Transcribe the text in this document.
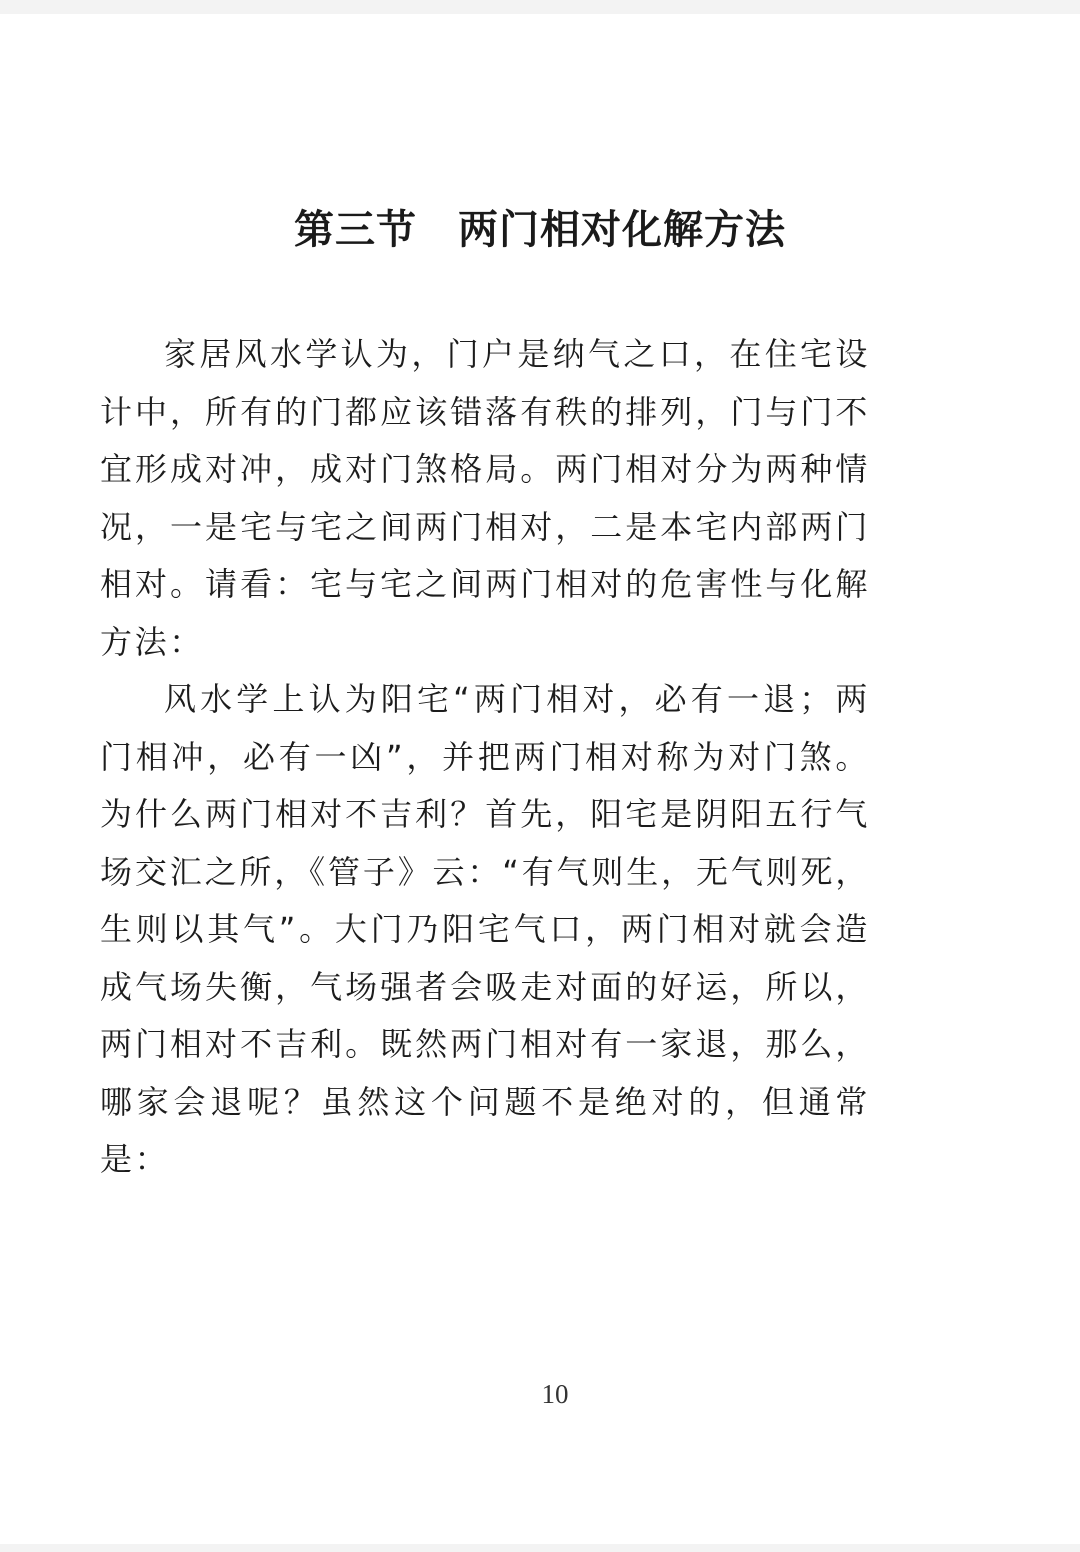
第三节　两门相对化解方法

家居风水学认为，门户是纳气之口，在住宅设计中，所有的门都应该错落有秩的排列，门与门不宜形成对冲，成对门煞格局。两门相对分为两种情况，一是宅与宅之间两门相对，二是本宅内部两门相对。请看：宅与宅之间两门相对的危害性与化解方法：

风水学上认为阳宅“两门相对，必有一退；两门相冲，必有一凶”，并把两门相对称为对门煞。为什么两门相对不吉利？首先，阳宅是阴阳五行气场交汇之所，《管子》云：“有气则生，无气则死，生则以其气”。大门乃阳宅气口，两门相对就会造成气场失衡，气场强者会吸走对面的好运，所以，两门相对不吉利。既然两门相对有一家退，那么，哪家会退呢？虽然这个问题不是绝对的，但通常是：

10
